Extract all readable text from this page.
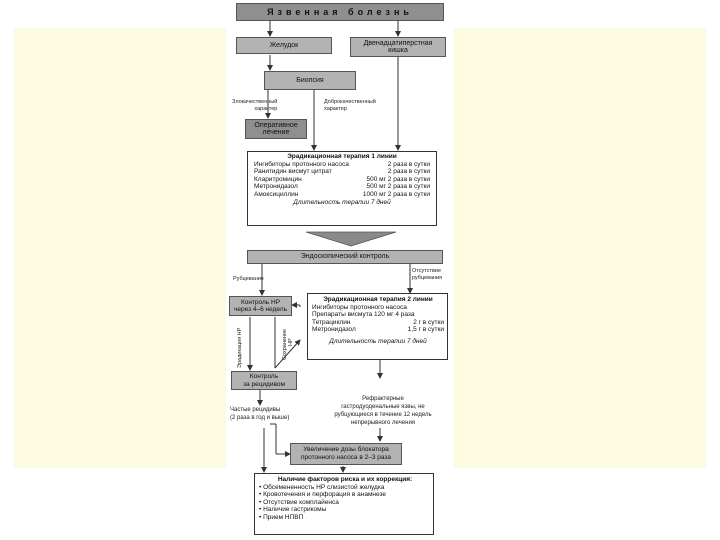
Язвенная болезнь
Желудок	Двенадцатиперстная
кишка
Биопсия
Злокачественный
характер
Доброкачественный
характер
Оперативное
лечение
Эрадикационная терапия 1 линии
Ингибиторы протонного насоса	2 раза в сутки
Ранитидин висмут цитрат	2 раза в сутки
Кларитромицин	500 мг 2 раза в сутки
Метронидазол	500 мг 2 раза в сутки
Амоксициллин	1000 мг 2 раза в сутки
Длительность терапии 7 дней
Эндоскопический контроль
Рубцевание
Отсутствие
рубцевания
Контроль НР
через 4–6 недель
Эрадикация НР	Сохранение НР
Эрадикационная терапия 2 линии
Ингибиторы протонного насоса
Препараты висмута 120 мг 4 раза
Тетрациклин	2 г в сутки
Метронидазол	1,5 г в сутки
Длительность терапии 7 дней
Контроль
за рецидивом
Частые рецидивы
(2 раза в год и выше)
Рефрактерные
гастродуоденальные язвы, не
рубцующиеся в течение 12 недель
непрерывного лечения
Увеличение дозы блокатора
протонного насоса в 2–3 раза
Наличие факторов риска и их коррекция:
• Обсемененность НР слизистой желудка
• Кровотечения и перфорация в анамнезе
• Отсутствие комплайенса
• Наличие гастрикомы
• Прием НПВП
